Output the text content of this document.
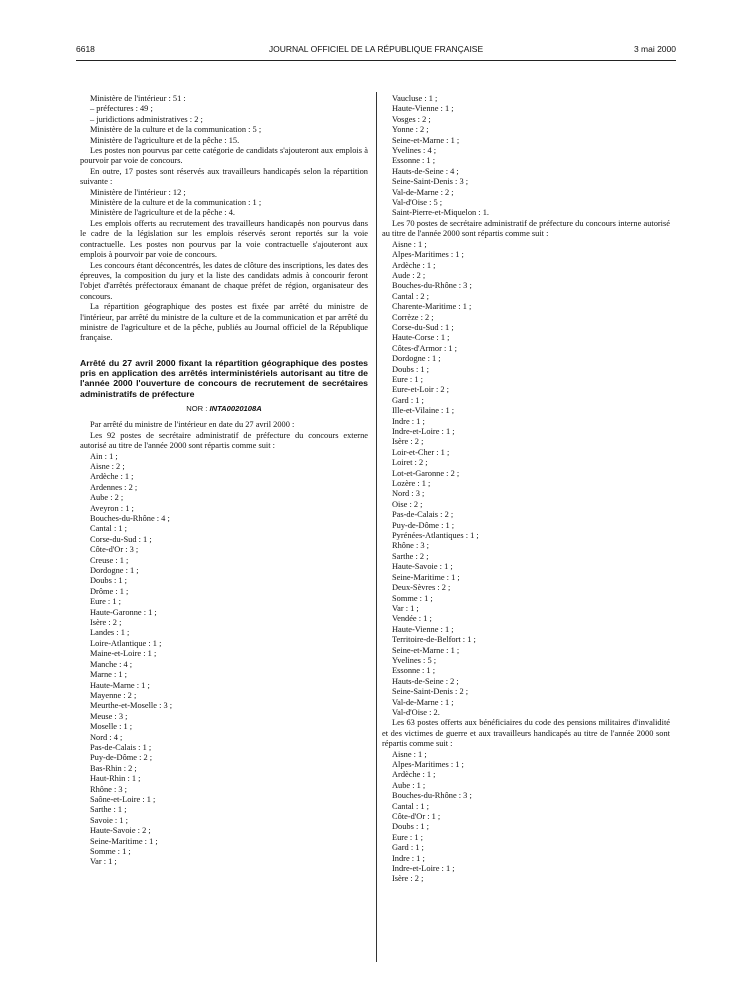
6618	JOURNAL OFFICIEL DE LA RÉPUBLIQUE FRANÇAISE	3 mai 2000
Ministère de l'intérieur : 51 :
– préfectures : 49 ;
– juridictions administratives : 2 ;
Ministère de la culture et de la communication : 5 ;
Ministère de l'agriculture et de la pêche : 15.
Les postes non pourvus par cette catégorie de candidats s'ajouteront aux emplois à pourvoir par voie de concours.
En outre, 17 postes sont réservés aux travailleurs handicapés selon la répartition suivante :
Ministère de l'intérieur : 12 ;
Ministère de la culture et de la communication : 1 ;
Ministère de l'agriculture et de la pêche : 4.
Les emplois offerts au recrutement des travailleurs handicapés non pourvus dans le cadre de la législation sur les emplois réservés seront reportés sur la voie contractuelle. Les postes non pourvus par la voie contractuelle s'ajouteront aux emplois à pourvoir par voie de concours.
Les concours étant déconcentrés, les dates de clôture des inscriptions, les dates des épreuves, la composition du jury et la liste des candidats admis à concourir feront l'objet d'arrêtés préfectoraux émanant de chaque préfet de région, organisateur des concours.
La répartition géographique des postes est fixée par arrêté du ministre de l'intérieur, par arrêté du ministre de la culture et de la communication et par arrêté du ministre de l'agriculture et de la pêche, publiés au Journal officiel de la République française.
Arrêté du 27 avril 2000 fixant la répartition géographique des postes pris en application des arrêtés interministériels autorisant au titre de l'année 2000 l'ouverture de concours de recrutement de secrétaires administratifs de préfecture
NOR : INTA0020108A
Par arrêté du ministre de l'intérieur en date du 27 avril 2000 :
Les 92 postes de secrétaire administratif de préfecture du concours externe autorisé au titre de l'année 2000 sont répartis comme suit :
Ain : 1 ;
Aisne : 2 ;
Ardèche : 1 ;
Ardennes : 2 ;
Aube : 2 ;
Aveyron : 1 ;
Bouches-du-Rhône : 4 ;
Cantal : 1 ;
Corse-du-Sud : 1 ;
Côte-d'Or : 3 ;
Creuse : 1 ;
Dordogne : 1 ;
Doubs : 1 ;
Drôme : 1 ;
Eure : 1 ;
Haute-Garonne : 1 ;
Isère : 2 ;
Landes : 1 ;
Loire-Atlantique : 1 ;
Maine-et-Loire : 1 ;
Manche : 4 ;
Marne : 1 ;
Haute-Marne : 1 ;
Mayenne : 2 ;
Meurthe-et-Moselle : 3 ;
Meuse : 3 ;
Moselle : 1 ;
Nord : 4 ;
Pas-de-Calais : 1 ;
Puy-de-Dôme : 2 ;
Bas-Rhin : 2 ;
Haut-Rhin : 1 ;
Rhône : 3 ;
Saône-et-Loire : 1 ;
Sarthe : 1 ;
Savoie : 1 ;
Haute-Savoie : 2 ;
Seine-Maritime : 1 ;
Somme : 1 ;
Var : 1 ;
Vaucluse : 1 ;
Haute-Vienne : 1 ;
Vosges : 2 ;
Yonne : 2 ;
Seine-et-Marne : 1 ;
Yvelines : 4 ;
Essonne : 1 ;
Hauts-de-Seine : 4 ;
Seine-Saint-Denis : 3 ;
Val-de-Marne : 2 ;
Val-d'Oise : 5 ;
Saint-Pierre-et-Miquelon : 1.
Les 70 postes de secrétaire administratif de préfecture du concours interne autorisé au titre de l'année 2000 sont répartis comme suit :
Aisne : 1 ;
Alpes-Maritimes : 1 ;
Ardèche : 1 ;
Aude : 2 ;
Bouches-du-Rhône : 3 ;
Cantal : 2 ;
Charente-Maritime : 1 ;
Corrèze : 2 ;
Corse-du-Sud : 1 ;
Haute-Corse : 1 ;
Côtes-d'Armor : 1 ;
Dordogne : 1 ;
Doubs : 1 ;
Eure : 1 ;
Eure-et-Loir : 2 ;
Gard : 1 ;
Ille-et-Vilaine : 1 ;
Indre : 1 ;
Indre-et-Loire : 1 ;
Isère : 2 ;
Loir-et-Cher : 1 ;
Loiret : 2 ;
Lot-et-Garonne : 2 ;
Lozère : 1 ;
Nord : 3 ;
Oise : 2 ;
Pas-de-Calais : 2 ;
Puy-de-Dôme : 1 ;
Pyrénées-Atlantiques : 1 ;
Rhône : 3 ;
Sarthe : 2 ;
Haute-Savoie : 1 ;
Seine-Maritime : 1 ;
Deux-Sèvres : 2 ;
Somme : 1 ;
Var : 1 ;
Vendée : 1 ;
Haute-Vienne : 1 ;
Territoire-de-Belfort : 1 ;
Seine-et-Marne : 1 ;
Yvelines : 5 ;
Essonne : 1 ;
Hauts-de-Seine : 2 ;
Seine-Saint-Denis : 2 ;
Val-de-Marne : 1 ;
Val-d'Oise : 2.
Les 63 postes offerts aux bénéficiaires du code des pensions militaires d'invalidité et des victimes de guerre et aux travailleurs handicapés au titre de l'année 2000 sont répartis comme suit :
Aisne : 1 ;
Alpes-Maritimes : 1 ;
Ardèche : 1 ;
Aube : 1 ;
Bouches-du-Rhône : 3 ;
Cantal : 1 ;
Côte-d'Or : 1 ;
Doubs : 1 ;
Eure : 1 ;
Gard : 1 ;
Indre : 1 ;
Indre-et-Loire : 1 ;
Isère : 2 ;
